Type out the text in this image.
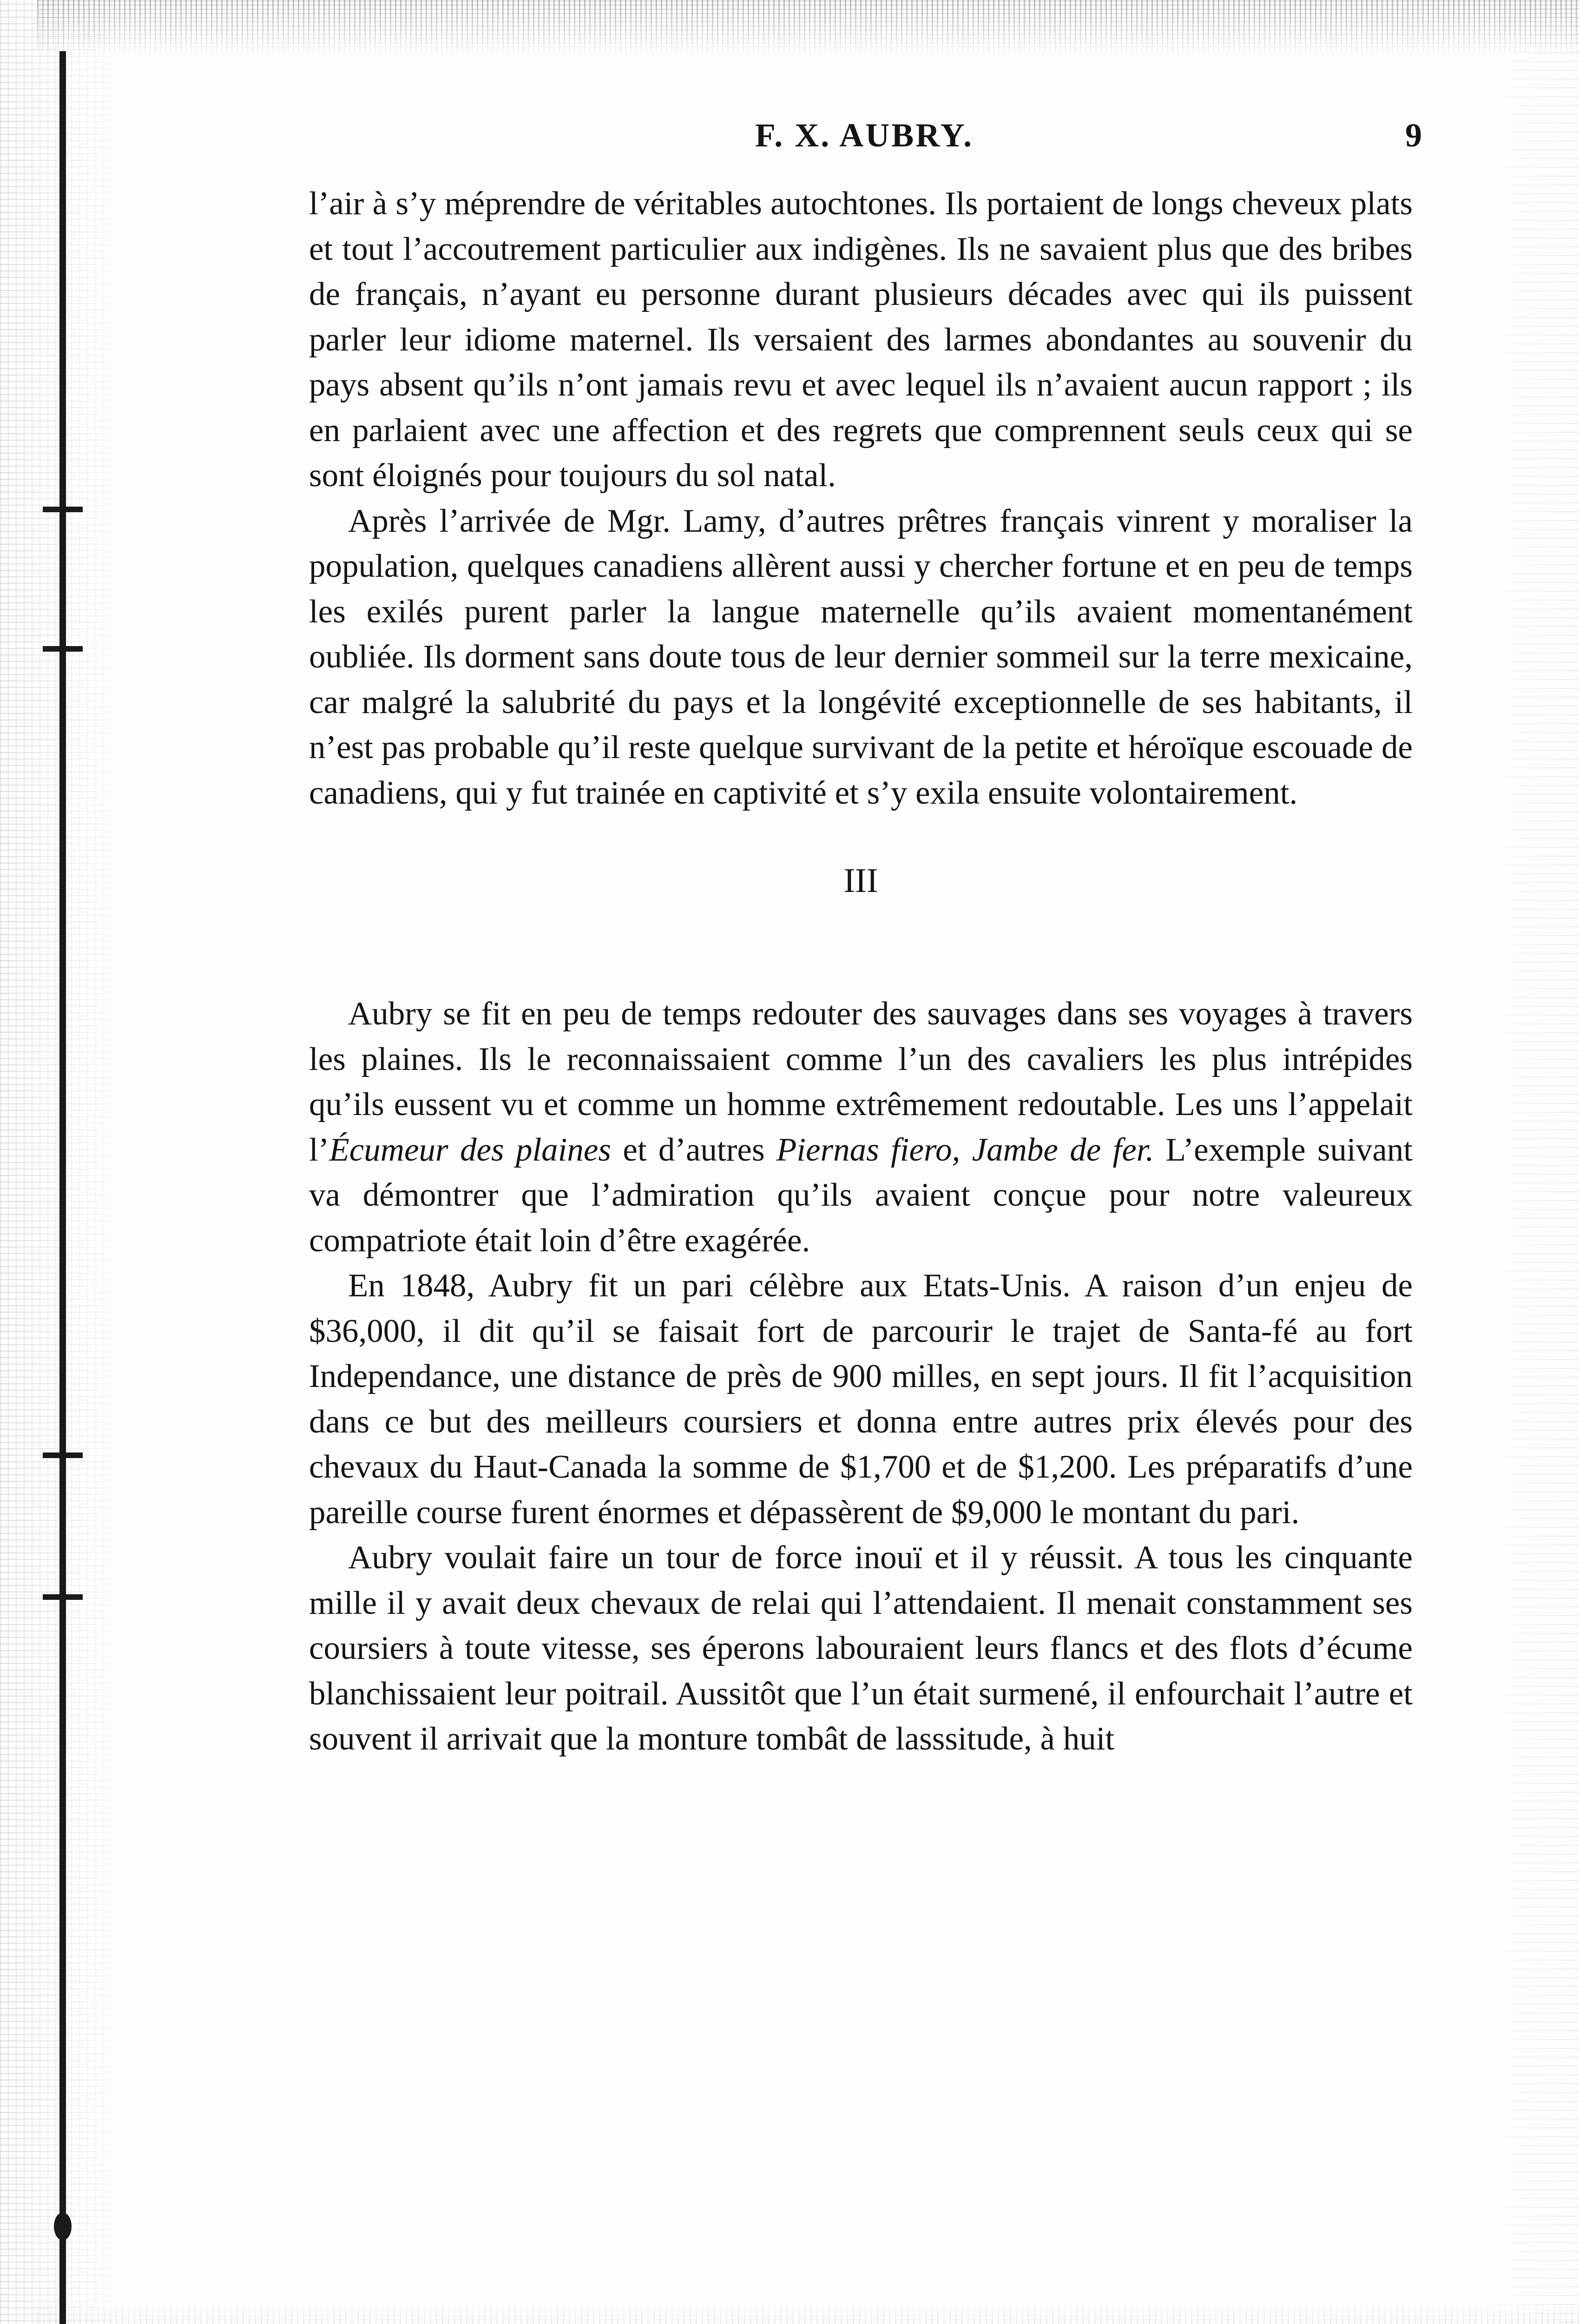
F. X. AUBRY.	9

l’air à s’y méprendre de véritables autochtones. Ils portaient de longs cheveux plats et tout l’accoutrement particulier aux indigènes. Ils ne savaient plus que des bribes de français, n’ayant eu personne durant plusieurs décades avec qui ils puissent parler leur idiome maternel. Ils versaient des larmes abondantes au souvenir du pays absent qu’ils n’ont jamais revu et avec lequel ils n’avaient aucun rapport ; ils en parlaient avec une affection et des regrets que comprennent seuls ceux qui se sont éloignés pour toujours du sol natal.

Après l’arrivée de Mgr. Lamy, d’autres prêtres français vinrent y moraliser la population, quelques canadiens allèrent aussi y chercher fortune et en peu de temps les exilés purent parler la langue maternelle qu’ils avaient momentanément oubliée. Ils dorment sans doute tous de leur dernier sommeil sur la terre mexicaine, car malgré la salubrité du pays et la longévité exceptionnelle de ses habitants, il n’est pas probable qu’il reste quelque survivant de la petite et héroïque escouade de canadiens, qui y fut trainée en captivité et s’y exila ensuite volontairement.

III

Aubry se fit en peu de temps redouter des sauvages dans ses voyages à travers les plaines. Ils le reconnaissaient comme l’un des cavaliers les plus intrépides qu’ils eussent vu et comme un homme extrêmement redoutable. Les uns l’appelait l’Écumeur des plaines et d’autres Piernas fiero, Jambe de fer. L’exemple suivant va démontrer que l’admiration qu’ils avaient conçue pour notre valeureux compatriote était loin d’être exagérée.

En 1848, Aubry fit un pari célèbre aux Etats-Unis. A raison d’un enjeu de $36,000, il dit qu’il se faisait fort de parcourir le trajet de Santa-fé au fort Independance, une distance de près de 900 milles, en sept jours. Il fit l’acquisition dans ce but des meilleurs coursiers et donna entre autres prix élevés pour des chevaux du Haut-Canada la somme de $1,700 et de $1,200. Les préparatifs d’une pareille course furent énormes et dépassèrent de $9,000 le montant du pari.

Aubry voulait faire un tour de force inouï et il y réussit. A tous les cinquante mille il y avait deux chevaux de relai qui l’attendaient. Il menait constamment ses coursiers à toute vitesse, ses éperons labouraient leurs flancs et des flots d’écume blanchissaient leur poitrail. Aussitôt que l’un était surmené, il enfourchait l’autre et souvent il arrivait que la monture tombât de lasssitude, à huit
